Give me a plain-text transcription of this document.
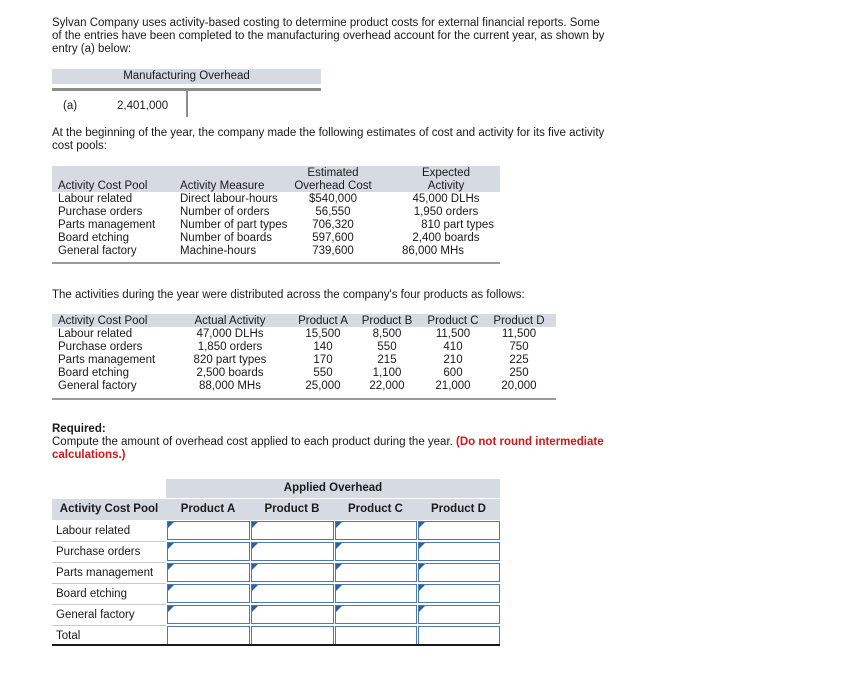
Sylvan Company uses activity-based costing to determine product costs for external financial reports. Some of the entries have been completed to the manufacturing overhead account for the current year, as shown by entry (a) below:
Manufacturing Overhead
(a)	2,401,000
At the beginning of the year, the company made the following estimates of cost and activity for its five activity cost pools:
Estimated	Expected
Activity Cost Pool	Activity Measure	Overhead Cost	Activity
Labour related	Direct labour-hours	$540,000	45,000 DLHs
Purchase orders	Number of orders	56,550	1,950 orders
Parts management Number of part types	706,320	810 part types
Board etching	Number of boards	597,600	2,400 boards
General factory	Machine-hours	739,600	86,000 MHs
The activities during the year were distributed across the company's four products as follows:
Activity Cost Pool	Actual Activity	Product A	Product B	Product C Product D
Labour related	47,000 DLHs	15,500	8,500	11,500	11,500
Purchase orders	1,850 orders	140	550	410	750
Parts management	820 part types	170	215	210	225
Board etching	2,500 boards	550	1,100	600	250
General factory	88,000 MHs	25,000	22,000	21,000	20,000
Required:
Compute the amount of overhead cost applied to each product during the year. (Do not round intermediate calculations.)
Applied Overhead
Activity Cost Pool	Product A	Product B	Product C	Product D
Labour related
Purchase orders
Parts management
Board etching
General factory
Total
